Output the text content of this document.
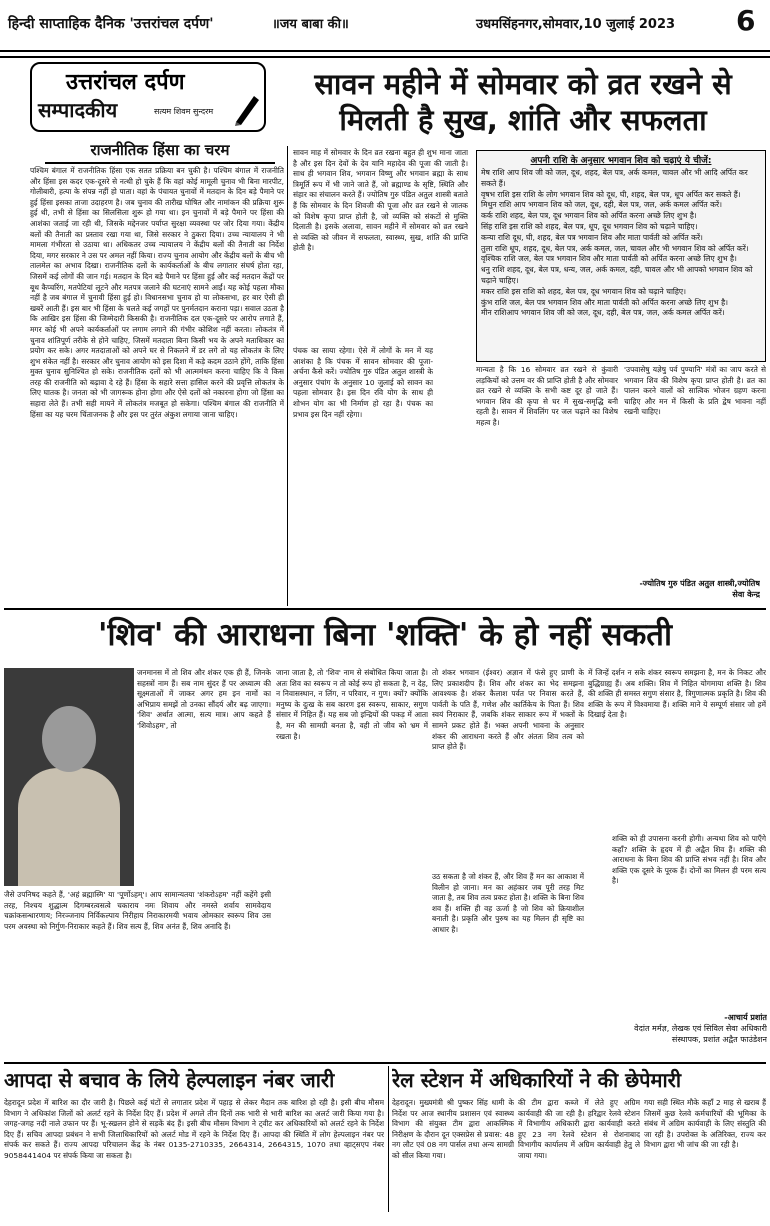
हिन्दी साप्ताहिक दैनिक 'उत्तरांचल दर्पण'	॥जय बाबा की॥	उधमसिंहनगर,सोमवार,10 जुलाई 2023 6
उत्तरांचल दर्पण
सम्पादकीय	सत्यम शिवम सुन्दरम
सावन महीने में सोमवार को व्रत रखने से मिलती है सुख, शांति और सफलता
राजनीतिक हिंसा का चरम
पश्चिम बंगाल में राजनीतिक हिंसा एक सतत प्रक्रिया बन चुकी है। पश्चिम बंगाल में राजनीति और हिंसा इस कदर एक-दूसरे से नत्थी हो चुके हैं कि वहां कोई मामूली चुनाव भी बिना मारपीट, गोलीबारी, हत्या के संपन्न नहीं हो पाता। वहां के पंचायत चुनावों में मतदान के दिन बड़े पैमाने पर हुई हिंसा इसका ताजा उदाहरण है। जब चुनाव की तारीख घोषित और नामांकन की प्रक्रिया शुरू हुई थी, तभी से हिंसा का सिलसिला शुरू हो गया था। इन चुनावों में बड़े पैमाने पर हिंसा की आशंका जताई जा रही थी, जिसके मद्देनजर पर्याप्त सुरक्षा व्यवस्था पर जोर दिया गया। केंद्रीय बलों की तैनाती का प्रस्ताव रखा गया था, जिसे सरकार ने ठुकरा दिया। उच्च न्यायालय ने भी मामला गंभीरता से उठाया था। अधिकतर उच्च न्यायालय ने केंद्रीय बलों की तैनाती का निर्देश दिया, मगर सरकार ने उस पर अमल नहीं किया। राज्य चुनाव आयोग और केंद्रीय बलों के बीच भी तालमेल का अभाव दिखा। राजनीतिक दलों के कार्यकर्ताओं के बीच लगातार संघर्ष होता रहा, जिसमें कई लोगों की जान गई। मतदान के दिन बड़े पैमाने पर हिंसा हुई और कई मतदान केंद्रों पर बूथ कैप्चरिंग, मतपेटियां लूटने और मतपत्र जलाने की घटनाएं सामने आईं। यह कोई पहला मौका नहीं है जब बंगाल में चुनावी हिंसा हुई हो। विधानसभा चुनाव हो या लोकसभा, हर बार ऐसी ही खबरें आती हैं। इस बार भी हिंसा के चलते कई जगहों पर पुनर्मतदान कराना पड़ा। सवाल उठता है कि आखिर इस हिंसा की जिम्मेदारी किसकी है। राजनीतिक दल एक-दूसरे पर आरोप लगाते हैं, मगर कोई भी अपने कार्यकर्ताओं पर लगाम लगाने की गंभीर कोशिश नहीं करता। लोकतंत्र में चुनाव शांतिपूर्ण तरीके से होने चाहिए, जिसमें मतदाता बिना किसी भय के अपने मताधिकार का प्रयोग कर सके। अगर मतदाताओं को अपने घर से निकलने में डर लगे तो यह लोकतंत्र के लिए शुभ संकेत नहीं है। सरकार और चुनाव आयोग को इस दिशा में कड़े कदम उठाने होंगे, ताकि हिंसा मुक्त चुनाव सुनिश्चित हो सके। राजनीतिक दलों को भी आत्ममंथन करना चाहिए कि वे किस तरह की राजनीति को बढ़ावा दे रहे हैं। हिंसा के सहारे सत्ता हासिल करने की प्रवृत्ति लोकतंत्र के लिए घातक है। जनता को भी जागरूक होना होगा और ऐसे दलों को नकारना होगा जो हिंसा का सहारा लेते हैं। तभी सही मायने में लोकतंत्र मजबूत हो सकेगा। पश्चिम बंगाल की राजनीति में हिंसा का यह चरम चिंताजनक है और इस पर तुरंत अंकुश लगाया जाना चाहिए।
सावन माह में सोमवार के दिन व्रत रखना बहुत ही शुभ माना जाता है और इस दिन देवों के देव यानि महादेव की पूजा की जाती है। साथ ही भगवान शिव, भगवान विष्णु और भगवान ब्रह्मा के साथ त्रिमूर्ति रूप में भी जाने जाते हैं, जो ब्रह्माण्ड के सृष्टि, स्थिति और संहार का संचालन करते हैं। ज्योतिष गुरु पंडित अतुल शास्त्री बताते हैं कि सोमवार के दिन शिवजी की पूजा और व्रत रखने से जातक को विशेष कृपा प्राप्त होती है, जो व्यक्ति को संकटों से मुक्ति दिलाती है। इसके अलावा, सावन महीने में सोमवार को व्रत रखने से व्यक्ति को जीवन में सफलता, स्वास्थ्य, सुख, शांति की प्राप्ति होती है।
अपनी राशि के अनुसार भगवान शिव को चढ़ाएं ये चीजें:

मेष राशि आप शिव जी को जल, दूध, शहद, बेल पत्र, अर्क कमल, चावल और भी आदि अर्पित कर सकते हैं।

वृषभ राशि इस राशि के लोग भगवान शिव को दूध, घी, शहद, बेल पत्र, धूप अर्पित कर सकते हैं।

मिथुन राशि आप भगवान शिव को जल, दूध, दही, बेल पत्र, जल, अर्क कमल अर्पित करें।

कर्क राशि शहद, बेल पत्र, दूध भगवान शिव को अर्पित करना अच्छे लिए शुभ है।

सिंह राशि इस राशि को शहद, बेल पत्र, धूप, दूध भगवान शिव को चढ़ाने चाहिए।

कन्या राशि दूध, घी, शहद, बेल पत्र भगवान शिव और माता पार्वती को अर्पित करें।

तुला राशि धूप, शहद, दूध, बेल पत्र, अर्क कमल, जल, चावल और भी भगवान शिव को अर्पित करें।

वृश्चिक राशि जल, बेल पत्र भगवान शिव और माता पार्वती को अर्पित करना अच्छे लिए शुभ है।

धनु राशि शहद, दूध, बेल पत्र, धन्य, जल, अर्क कमल, दही, चावल और भी आपको भगवान शिव को चढ़ाने चाहिए।

मकर राशि इस राशि को शहद, बेल पत्र, दूध भगवान शिव को चढ़ाने चाहिए।

कुंभ राशि जल, बेल पत्र भगवान शिव और माता पार्वती को अर्पित करना अच्छे लिए शुभ है।

मीन राशिआप भगवान शिव जी को जल, दूध, दही, बेल पत्र, जल, अर्क कमल अर्पित करें।

पंचक का साया रहेगा। ऐसे में लोगों के मन में यह आशंका है कि पंचक में सावन सोमवार की पूजा-अर्चना कैसे करें। ज्योतिष गुरु पंडित अतुल शास्त्री के अनुसार पंचांग के अनुसार 10 जुलाई को सावन का पहला सोमवार है। इस दिन रवि योग के साथ ही शोभन योग का भी निर्माण हो रहा है। पंचक का प्रभाव इस दिन नहीं रहेगा।
मान्यता है कि 16 सोमवार व्रत रखने से कुंवारी लड़कियों को उत्तम वर की प्राप्ति होती है और सोमवार व्रत रखने से व्यक्ति के सभी कष्ट दूर हो जाते हैं। भगवान शिव की कृपा से घर में सुख-समृद्धि बनी रहती है। सावन में शिवलिंग पर जल चढ़ाने का विशेष महत्व है।
'उपवासेषु यज्ञेषु पर्व पुण्यानि' मंत्रों का जाप करते से भगवान शिव की विशेष कृपा प्राप्त होती है। व्रत का पालन करने वालों को सात्विक भोजन ग्रहण करना चाहिए और मन में किसी के प्रति द्वेष भावना नहीं रखनी चाहिए।
-ज्योतिष गुरु पंडित अतुल शास्त्री,ज्योतिष सेवा केन्द्र
'शिव' की आराधना बिना 'शक्ति' के हो नहीं सकती
जनमानस में तो शिव और शंकर एक ही हैं, जिनके सहस्त्रों नाम हैं। सब नाम सुंदर हैं पर अध्यात्म की सूक्ष्मताओं में जाकर अगर हम इन नामों का अभिप्राय समझें तो उनका सौंदर्य और बढ़ जाएगा। 'शिव' अर्थात आत्मा, सत्य मात्र। आप कहते हैं 'शिवोऽहम', तो
जैसे उपनिषद कहते हैं, 'अहं ब्रह्मास्मि' या 'पूर्णोऽहम्'। आप सामान्यतया 'शंकरोऽहम' नहीं कहेंगे इसी तरह, निश्चय शुद्धात्म दिगम्बरत्वसत्वे चकाराय नमः शिवाय और नमस्ते शर्वाय सामवेदाय चक्रांकसन्धारणाय; निरञ्जनाय निर्विकल्पाय निरीहाय निराकारमयी भवाय ओमकार स्वरूप शिव उस परम अवस्था को निर्गुण-निराकार कहते हैं। शिव सत्य हैं, शिव अनंत हैं, शिव अनादि हैं।
जाना जाता है, तो 'शिव' नाम से संबोधित किया जाता है। अतः शिव का स्वरूप न तो कोई रूप हो सकता है, न देह, न निवासस्थान, न लिंग, न परिवार, न गुण। क्यों? क्योंकि मनुष्य के दुःख के सब कारण इस स्वरूप, साकार, सगुण संसार में निहित हैं। यह सब जो इन्द्रियों की पकड़ में आता है, मन की सामग्री बनता है, वही तो जीव को भ्रम में रखता है।
तो शंकर भगवान (ईश्वर) अज्ञान में फंसे हुए प्राणी के लिए प्रकाशदीप हैं। शिव और शंकर का भेद समझना आवश्यक है। शंकर कैलाश पर्वत पर निवास करते हैं, पार्वती के पति हैं, गणेश और कार्तिकेय के पिता हैं। शिव स्वयं निराकार हैं, जबकि शंकर साकार रूप में भक्तों के सामने प्रकट होते हैं। भक्त अपनी भावना के अनुसार शंकर की आराधना करते हैं और अंततः शिव तत्व को प्राप्त होते हैं।
उठ सकता है जो शंकर हैं, और शिव हैं मन का आकाश में विलीन हो जाना। मन का अहंकार जब पूरी तरह मिट जाता है, तब शिव तत्व प्रकट होता है। शक्ति के बिना शिव शव हैं। शक्ति ही वह ऊर्जा है जो शिव को क्रियाशील बनाती है। प्रकृति और पुरुष का यह मिलन ही सृष्टि का आधार है।
में जिन्हें दर्शन न सके शंकर स्वरूप समझना है, मन के निकट और बुद्धिग्राह्य हैं। अब शक्ति। शिव में निहित योगमाया शक्ति है। शिव की शक्ति ही समस्त सगुण संसार है, त्रिगुणात्मक प्रकृति है। शिव की शक्ति के रूप में विश्वमाया हैं। शक्ति माने ये सम्पूर्ण संसार जो हमें दिखाई देता है।
शक्ति को ही उपासना करनी होगी। अन्यथा शिव को पाएँगे कहाँ? शक्ति के हृदय में ही अद्वैत शिव हैं। शक्ति की आराधना के बिना शिव की प्राप्ति संभव नहीं है। शिव और शक्ति एक दूसरे के पूरक हैं। दोनों का मिलन ही परम सत्य है।
-आचार्य प्रशांत
वेदांत मर्मज्ञ, लेखक एवं सिविल सेवा अधिकारी संस्थापक, प्रशांत अद्वैत फाउंडेशन
आपदा से बचाव के लिये हेल्पलाइन नंबर जारी	रेल स्टेशन में अधिकारियों ने की छेपेमारी
देहरादून प्रदेश में बारिश का दौर जारी है। पिछले कई घंटों से लगातार प्रदेश में पहाड़ से लेकर मैदान तक बारिश हो रही है। इसी बीच मौसम विभाग ने अधिकांश जिलों को अलर्ट रहने के निर्देश दिए हैं। प्रदेश में अगले तीन दिनों तक भारी से भारी बारिश का अलर्ट जारी किया गया है। जगह-जगह नदी नाले उफान पर हैं। भू-स्खलन होने से सड़कें बंद हैं। इसी बीच मौसम विभाग ने ट्वीट कर अधिकारियों को अलर्ट रहने के निर्देश दिए हैं। सचिव आपदा प्रबंधन ने सभी जिलाधिकारियों को अलर्ट मोड में रहने के निर्देश दिए हैं। आपदा की स्थिति में लोग हेल्पलाइन नंबर पर संपर्क कर सकते हैं। राज्य आपदा परिचालन केंद्र के नंबर 0135-2710335, 2664314, 2664315, 1070 तथा व्हाट्सएप नंबर 9058441404 पर संपर्क किया जा सकता है।
देहरादून। मुख्यमंत्री श्री पुष्कर सिंह धामी के निर्देश पर आज स्थानीय प्रशासन एवं स्वास्थ्य विभाग की संयुक्त टीम द्वारा आकस्मिक निरीक्षण के दौरान दून एक्सप्रेस से प्रवास: 48 नग लौट एवं 08 नग पार्सल तथा अन्य सामग्री को सील किया गया।
की टीम द्वारा कब्जे में लेते हुए अग्रिम कार्यवाही की जा रही है। हरिद्वार रेलवे स्टेशन में विभागीय अधिकारी द्वारा कार्यवाही करते हुए 23 नग रेलवे स्टेशन से रोशनाबाद विभागीय कार्यालय में अग्रिम कार्यवाही हेतु ले जाया गया।
गया सही स्थित मौके कहाँ 2 माह से खराब हैं जिसमें कुछ रेलवे कर्मचारियों की भूमिका के संबंध में अग्रिम कार्यवाही के लिए संस्तुति की जा रही है। उपरोक्त के अतिरिक्त, राज्य कर विभाग द्वारा भी जांच की जा रही है।
